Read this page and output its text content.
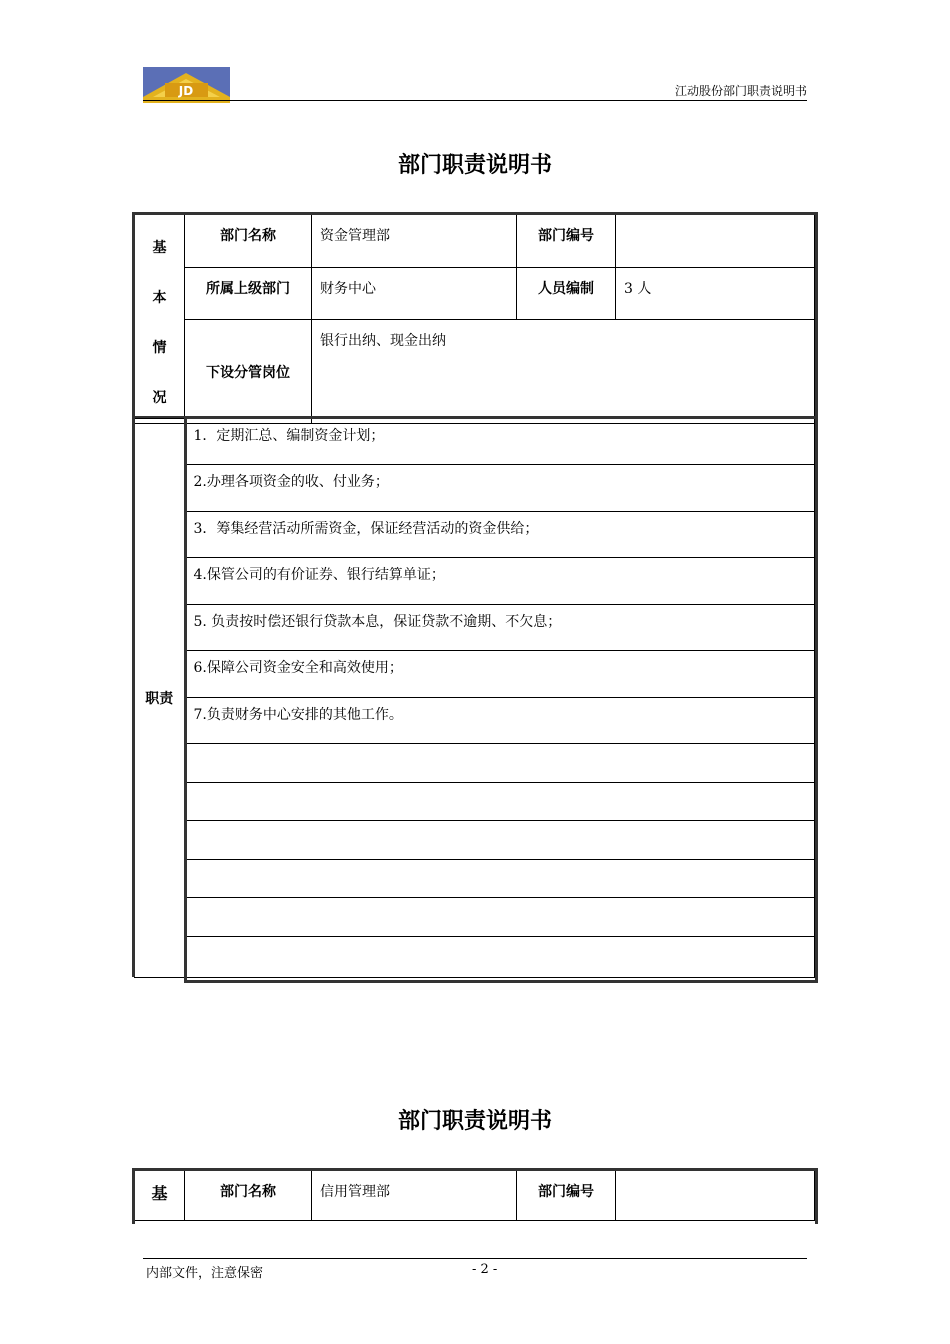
JD	江动股份部门职责说明书
部门职责说明书
基
本
情
况	部门名称	资金管理部	部门编号	
	所属上级部门	财务中心	人员编制	3 人
	下设分管岗位	银行出纳、现金出纳		
职责	1．定期汇总、编制资金计划；
2.办理各项资金的收、付业务；
3．筹集经营活动所需资金，保证经营活动的资金供给；
4.保管公司的有价证券、银行结算单证；
5. 负责按时偿还银行贷款本息，保证贷款不逾期、不欠息；
6.保障公司资金安全和高效使用；
7.负责财务中心安排的其他工作。

部门职责说明书
基	部门名称	信用管理部	部门编号	
内部文件，注意保密	- 2 -
